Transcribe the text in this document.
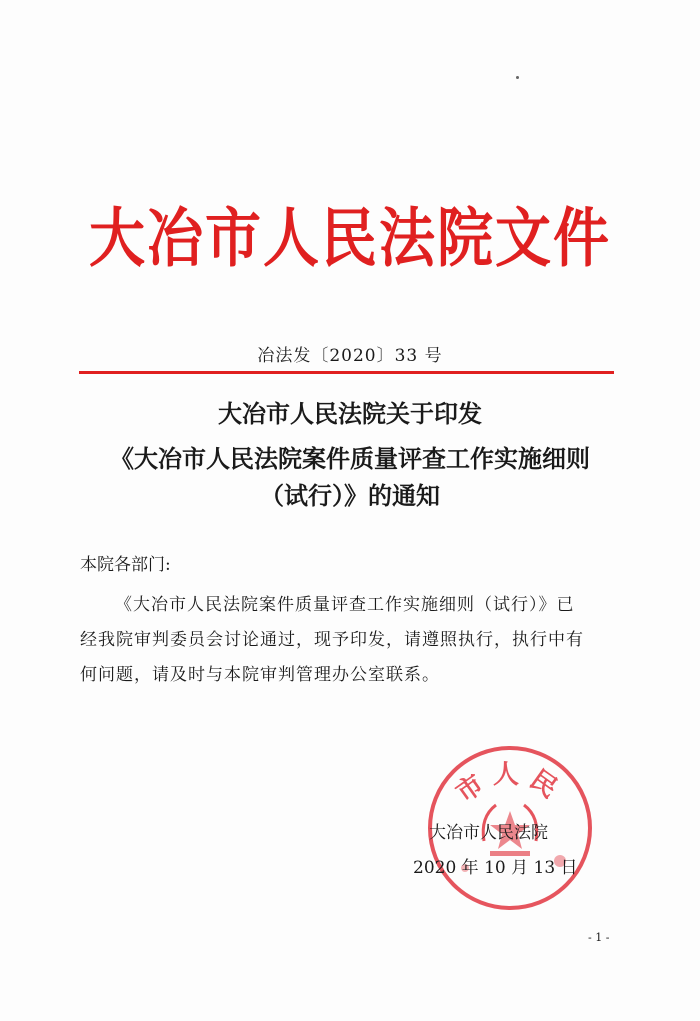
大冶市人民法院文件
冶法发〔2020〕33 号
大冶市人民法院关于印发
《大冶市人民法院案件质量评查工作实施细则
（试行）》的通知
本院各部门:
《大冶市人民法院案件质量评查工作实施细则（试行）》已
经我院审判委员会讨论通过，现予印发，请遵照执行，执行中有
何问题，请及时与本院审判管理办公室联系。
市人民
大冶市人民法院
2020 年 10 月 13 日
- 1 -
